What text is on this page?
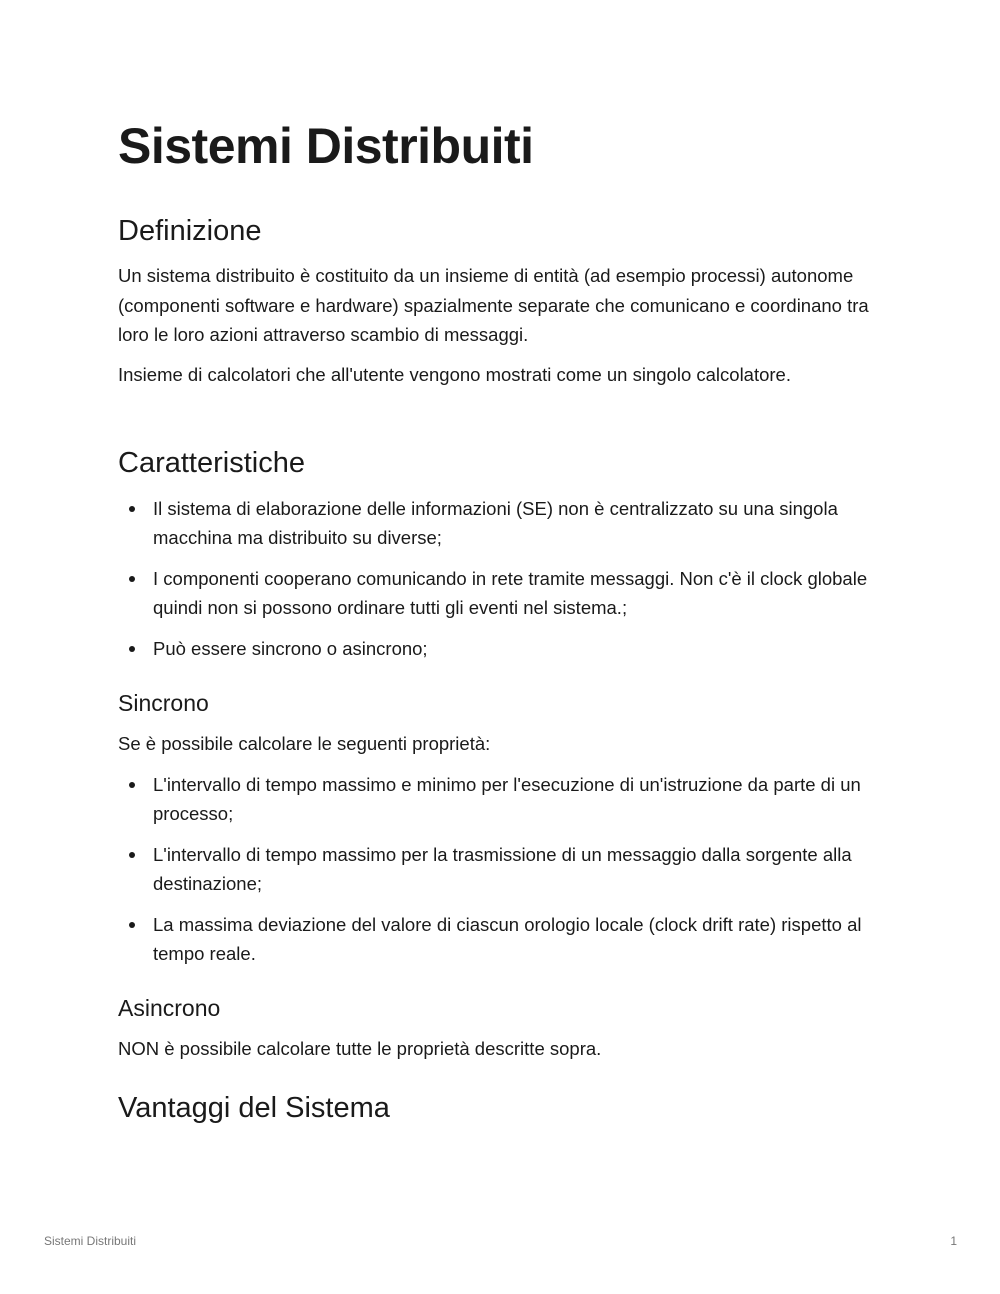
Sistemi Distribuiti
Definizione

Un sistema distribuito è costituito da un insieme di entità (ad esempio processi) autonome (componenti software e hardware) spazialmente separate che comunicano e coordinano tra loro le loro azioni attraverso scambio di messaggi.

Insieme di calcolatori che all'utente vengono mostrati come un singolo calcolatore.

Caratteristiche
Il sistema di elaborazione delle informazioni (SE) non è centralizzato su una singola macchina ma distribuito su diverse;
I componenti cooperano comunicando in rete tramite messaggi. Non c'è il clock globale quindi non si possono ordinare tutti gli eventi nel sistema.;
Può essere sincrono o asincrono;
Sincrono

Se è possibile calcolare le seguenti proprietà:

L'intervallo di tempo massimo e minimo per l'esecuzione di un'istruzione da parte di un processo;
L'intervallo di tempo massimo per la trasmissione di un messaggio dalla sorgente alla destinazione;
La massima deviazione del valore di ciascun orologio locale (clock drift rate) rispetto al tempo reale.
Asincrono

NON è possibile calcolare tutte le proprietà descritte sopra.

Vantaggi del Sistema
Sistemi Distribuiti	1
